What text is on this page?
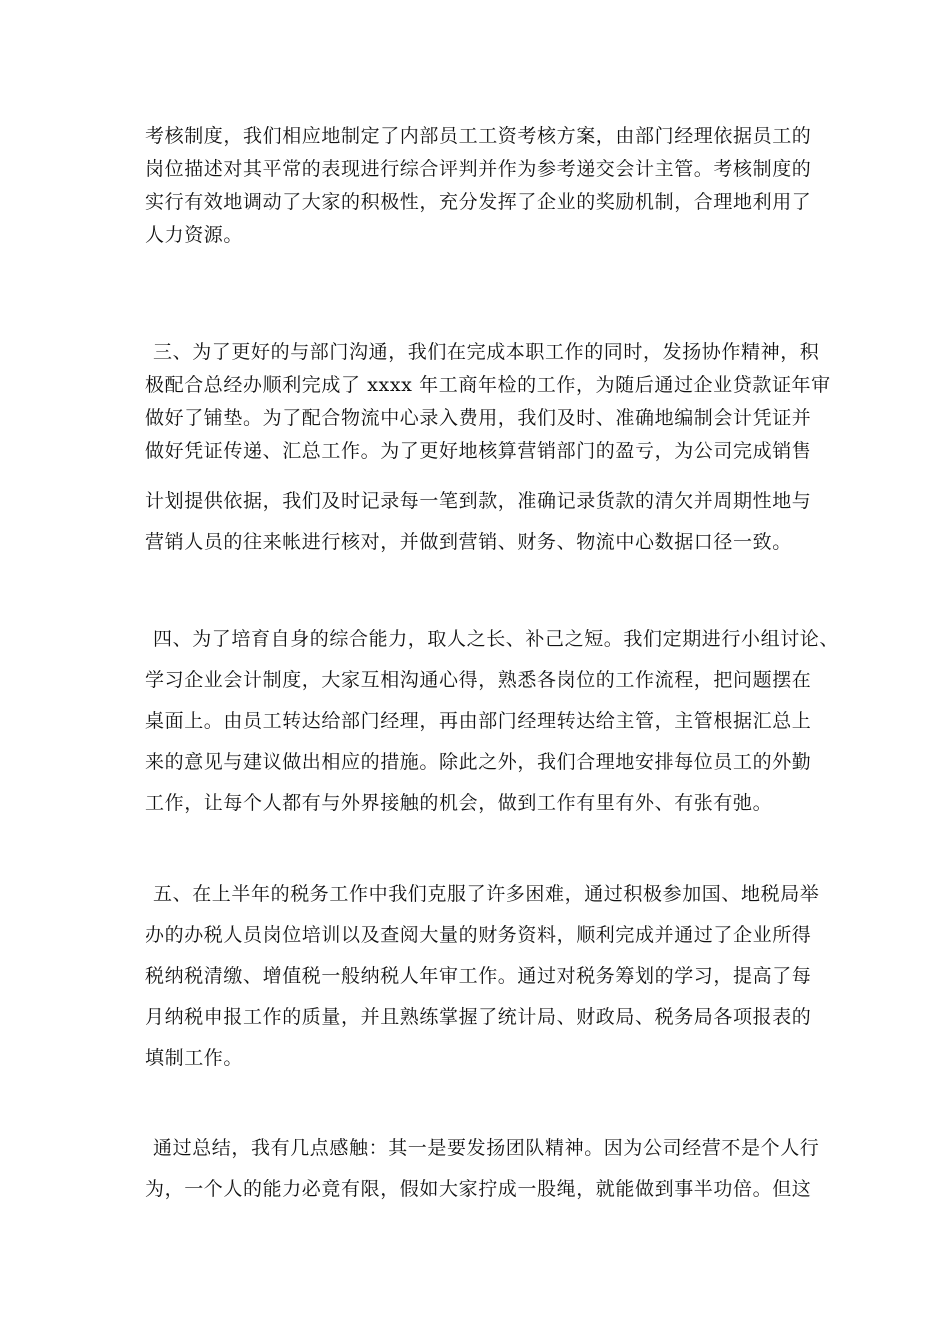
考核制度，我们相应地制定了内部员工工资考核方案，由部门经理依据员工的
岗位描述对其平常的表现进行综合评判并作为参考递交会计主管。考核制度的
实行有效地调动了大家的积极性，充分发挥了企业的奖励机制，合理地利用了
人力资源。
三、为了更好的与部门沟通，我们在完成本职工作的同时，发扬协作精神，积
极配合总经办顺利完成了 xxxx 年工商年检的工作，为随后通过企业贷款证年审
做好了铺垫。为了配合物流中心录入费用，我们及时、准确地编制会计凭证并
做好凭证传递、汇总工作。为了更好地核算营销部门的盈亏，为公司完成销售
计划提供依据，我们及时记录每一笔到款，准确记录货款的清欠并周期性地与
营销人员的往来帐进行核对，并做到营销、财务、物流中心数据口径一致。
四、为了培育自身的综合能力，取人之长、补己之短。我们定期进行小组讨论、
学习企业会计制度，大家互相沟通心得，熟悉各岗位的工作流程，把问题摆在
桌面上。由员工转达给部门经理，再由部门经理转达给主管，主管根据汇总上
来的意见与建议做出相应的措施。除此之外，我们合理地安排每位员工的外勤
工作，让每个人都有与外界接触的机会，做到工作有里有外、有张有弛。
五、在上半年的税务工作中我们克服了许多困难，通过积极参加国、地税局举
办的办税人员岗位培训以及查阅大量的财务资料，顺利完成并通过了企业所得
税纳税清缴、增值税一般纳税人年审工作。通过对税务筹划的学习，提高了每
月纳税申报工作的质量，并且熟练掌握了统计局、财政局、税务局各项报表的
填制工作。
通过总结，我有几点感触：其一是要发扬团队精神。因为公司经营不是个人行
为，一个人的能力必竟有限，假如大家拧成一股绳，就能做到事半功倍。但这
